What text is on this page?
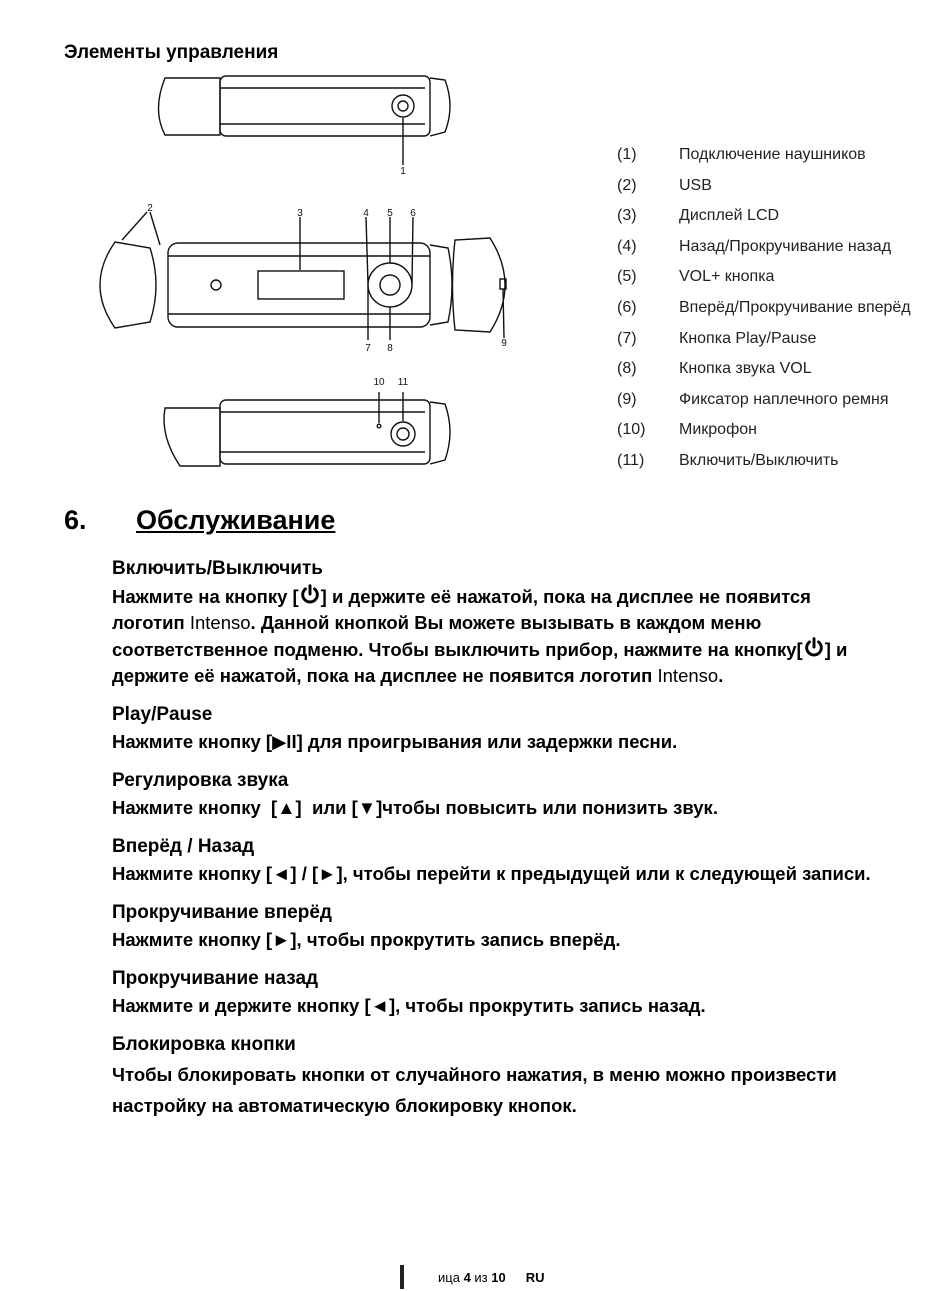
Элементы управления
1
2	3	4 5 6
7 8	9
10 11
(1)	Подключение наушников
(2)	USB
(3)	Дисплей LCD
(4)	Назад/Прокручивание назад
(5)	VOL+ кнопка
(6)	Вперёд/Прокручивание вперёд
(7)	Кнопка Play/Pause
(8)	Кнопка звука VOL
(9)	Фиксатор наплечного ремня
(10)	Микрофон
(11)	Включить/Выключить
6. Обслуживание
Включить/Выключить

Нажмите на кнопку [ ] и держите её нажатой, пока на дисплее не появится логотип Intenso. Данной кнопкой Вы можете вызывать в каждом меню соответственное подменю. Чтобы выключить прибор, нажмите на кнопку[ ] и держите её нажатой, пока на дисплее не появится логотип Intenso.

Play/Pause

Нажмите кнопку [▶II] для проигрывания или задержки песни.

Регулировка звука

Нажмите кнопку  [▲]  или [▼]чтобы повысить или понизить звук.

Вперёд / Назад

Нажмите кнопку [◄] / [►], чтобы перейти к предыдущей или к следующей записи.

Прокручивание вперёд

Нажмите кнопку [►], чтобы прокрутить запись вперёд.

Прокручивание назад

Нажмите и держите кнопку [◄], чтобы прокрутить запись назад.

Блокировка кнопки

Чтобы блокировать кнопки от случайного нажатия, в меню можно произвести настройку на автоматическую блокировку кнопок.

ица 4 из 10 RU
